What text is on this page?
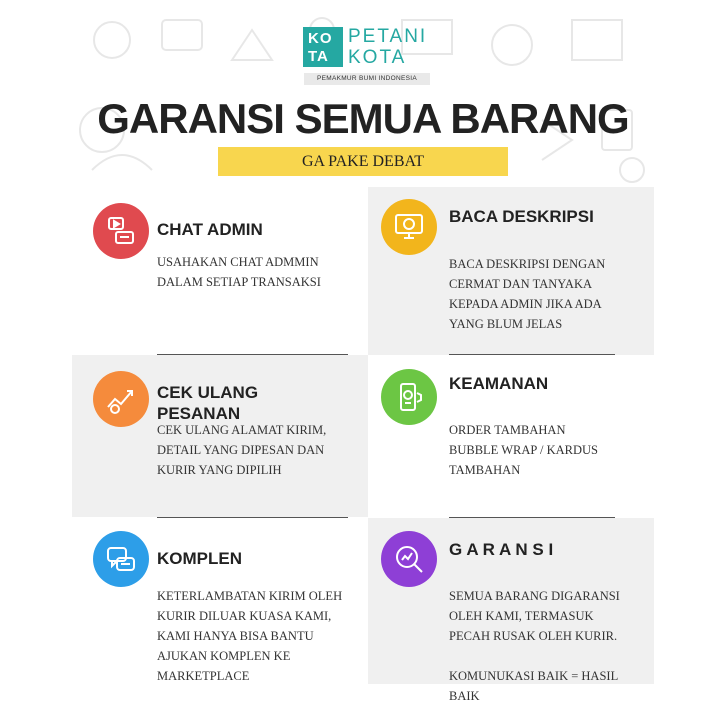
KO
TA
PETANI
KOTA
PEMAKMUR BUMI INDONESIA
GARANSI SEMUA BARANG
GA PAKE DEBAT
CHAT ADMIN
USAHAKAN CHAT ADMMIN
DALAM SETIAP TRANSAKSI
BACA DESKRIPSI
BACA DESKRIPSI DENGAN
CERMAT DAN TANYAKA
KEPADA ADMIN JIKA ADA
YANG BLUM JELAS
CEK ULANG
PESANAN
CEK ULANG ALAMAT KIRIM,
DETAIL YANG DIPESAN DAN
KURIR YANG DIPILIH
KEAMANAN
ORDER TAMBAHAN
BUBBLE WRAP / KARDUS
TAMBAHAN
KOMPLEN
KETERLAMBATAN KIRIM OLEH
KURIR DILUAR KUASA KAMI,
KAMI HANYA BISA BANTU
AJUKAN KOMPLEN KE
MARKETPLACE
G A R A N S I
SEMUA BARANG DIGARANSI
OLEH KAMI, TERMASUK
PECAH RUSAK OLEH KURIR.

KOMUNUKASI BAIK = HASIL
BAIK
